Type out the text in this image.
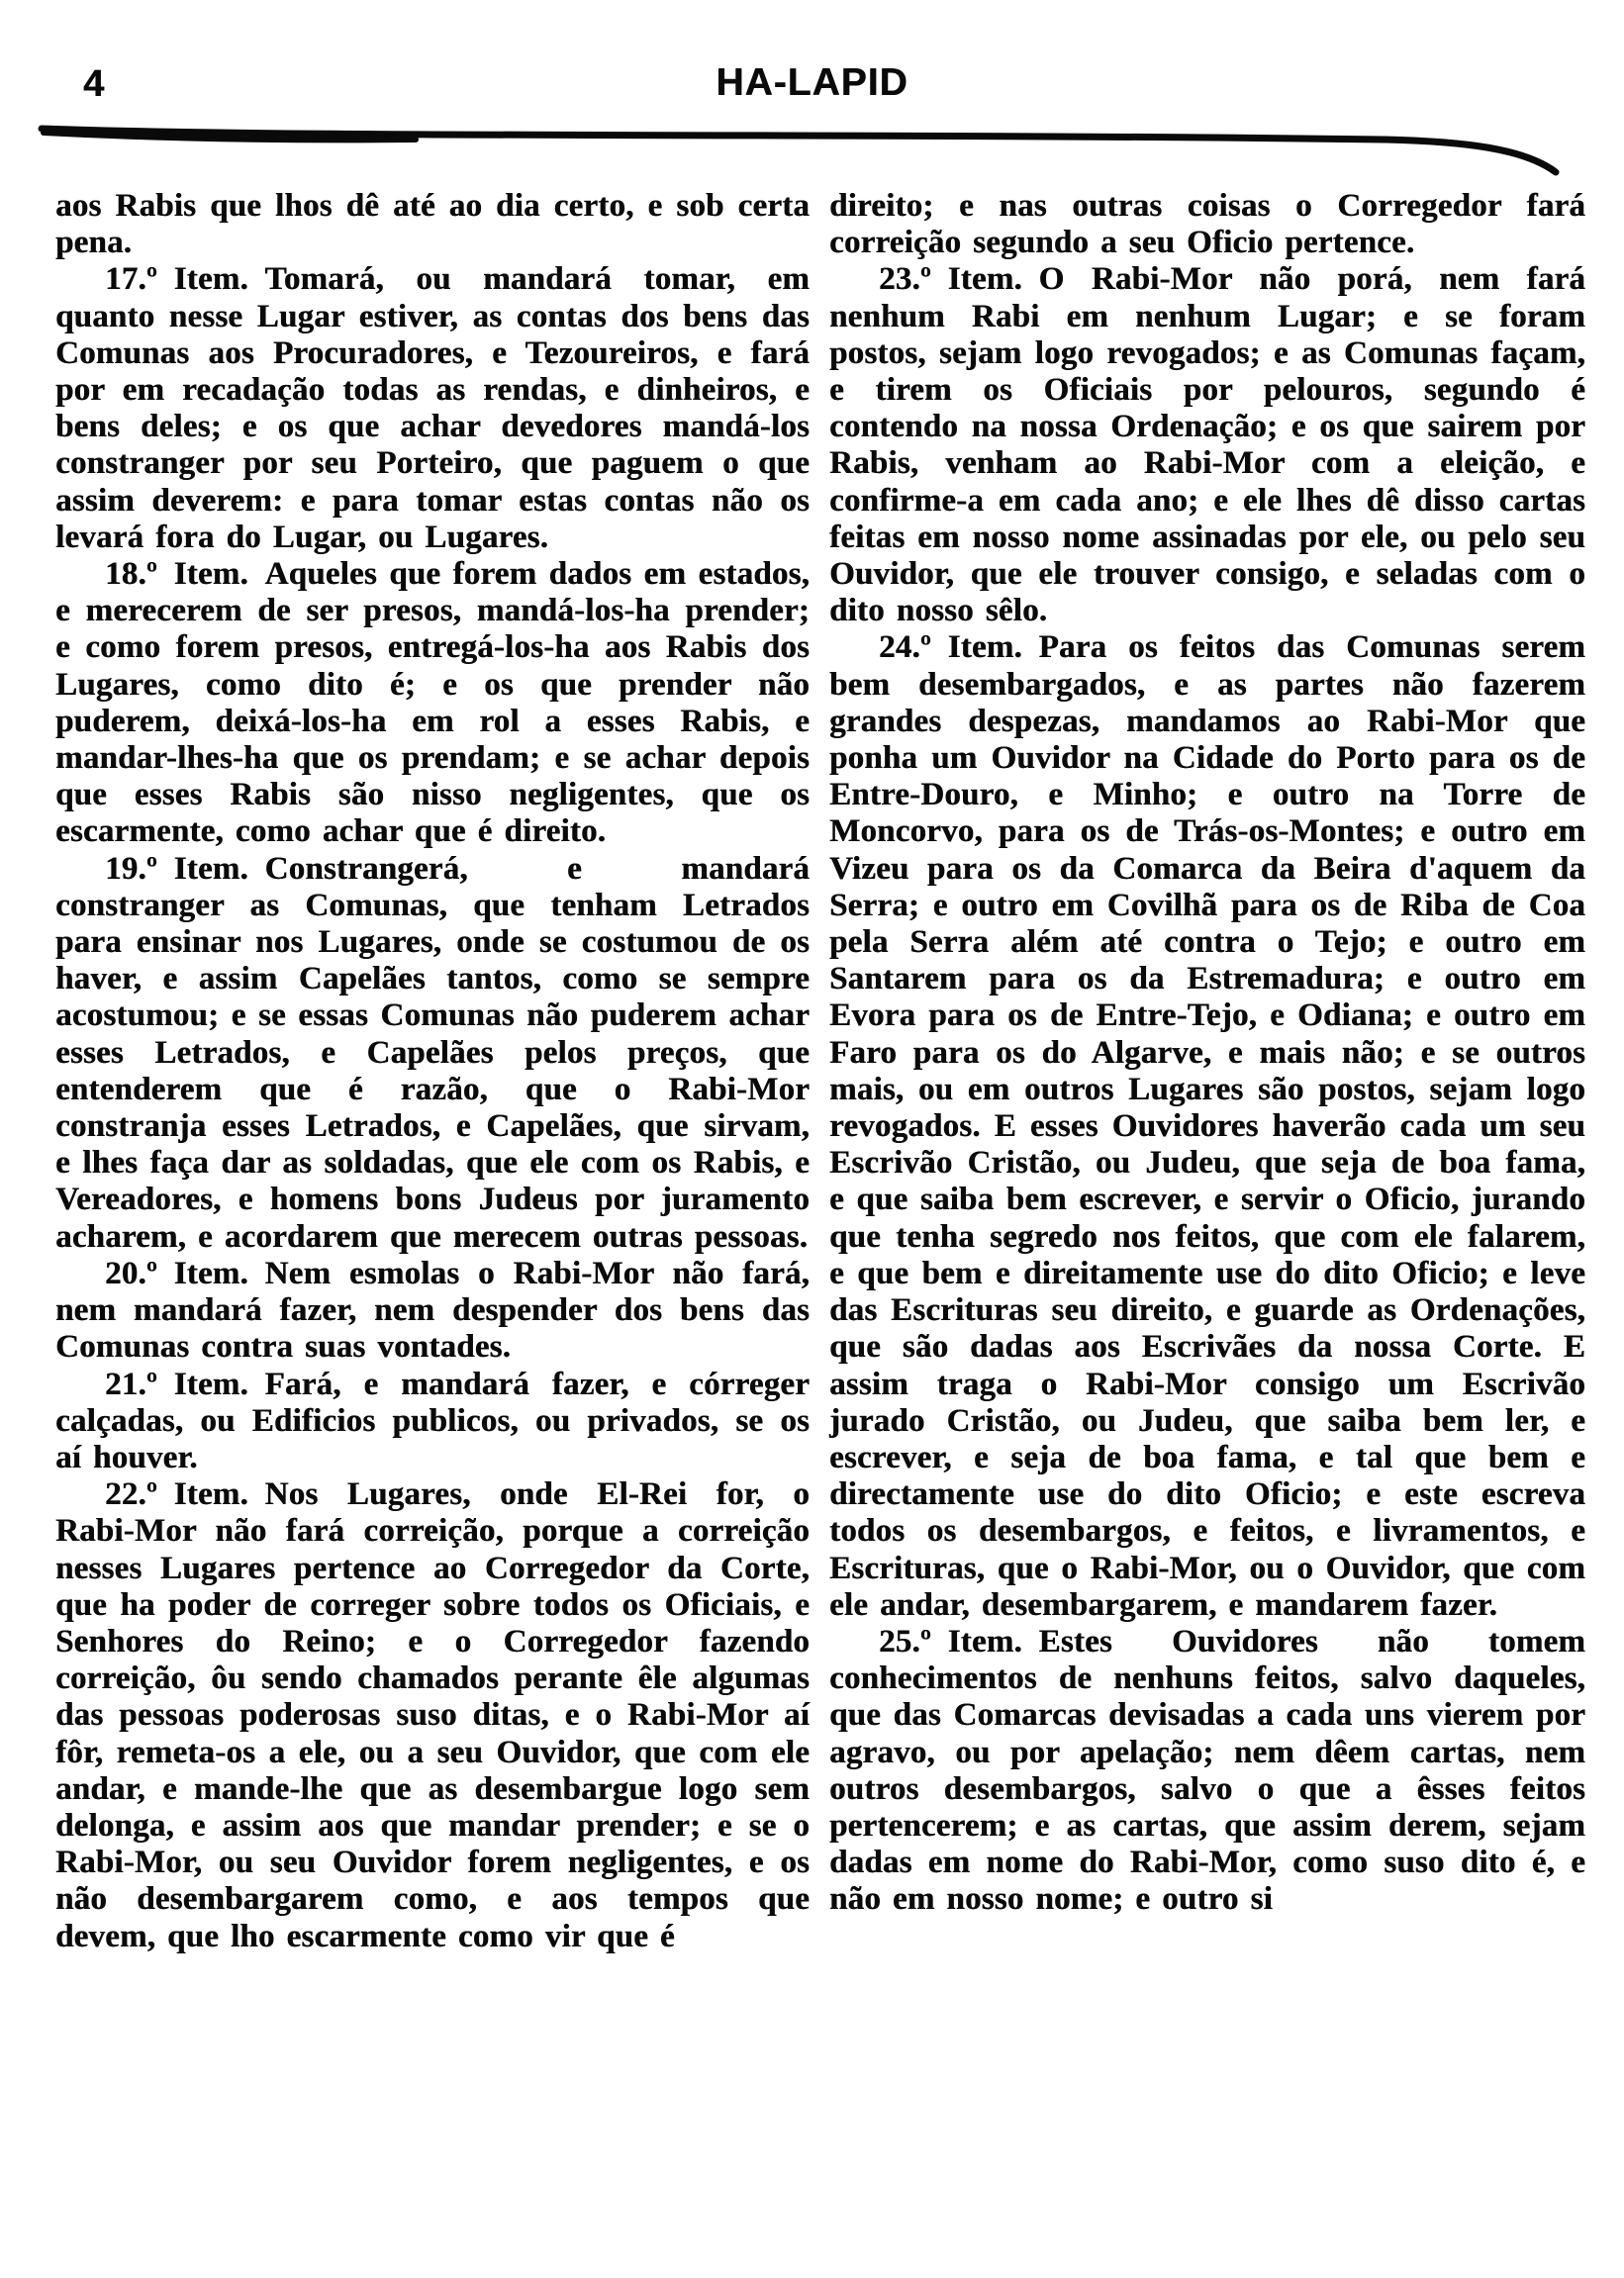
4	HA-LAPID

aos Rabis que lhos dê até ao dia certo, e sob certa pena.

17.º Item. Tomará, ou mandará tomar, em quanto nesse Lugar estiver, as contas dos bens das Comunas aos Procuradores, e Tezoureiros, e fará por em recadação todas as rendas, e dinheiros, e bens deles; e os que achar devedores mandá-los constranger por seu Porteiro, que paguem o que assim deverem: e para tomar estas contas não os levará fora do Lugar, ou Lugares.

18.º Item. Aqueles que forem dados em estados, e merecerem de ser presos, mandá-los-ha prender; e como forem presos, entregá-los-ha aos Rabis dos Lugares, como dito é; e os que prender não puderem, deixá-los-ha em rol a esses Rabis, e mandar-lhes-ha que os prendam; e se achar depois que esses Rabis são nisso negligentes, que os escarmente, como achar que é direito.

19.º Item. Constrangerá, e mandará constranger as Comunas, que tenham Letrados para ensinar nos Lugares, onde se costumou de os haver, e assim Capelães tantos, como se sempre acostumou; e se essas Comunas não puderem achar esses Letrados, e Capelães pelos preços, que entenderem que é razão, que o Rabi-Mor constranja esses Letrados, e Capelães, que sirvam, e lhes faça dar as soldadas, que ele com os Rabis, e Vereadores, e homens bons Judeus por juramento acharem, e acordarem que merecem outras pessoas.

20.º Item. Nem esmolas o Rabi-Mor não fará, nem mandará fazer, nem despender dos bens das Comunas contra suas vontades.

21.º Item. Fará, e mandará fazer, e córreger calçadas, ou Edificios publicos, ou privados, se os aí houver.

22.º Item. Nos Lugares, onde El-Rei for, o Rabi-Mor não fará correição, porque a correição nesses Lugares pertence ao Corregedor da Corte, que ha poder de correger sobre todos os Oficiais, e Senhores do Reino; e o Corregedor fazendo correição, ôu sendo chamados perante êle algumas das pessoas poderosas suso ditas, e o Rabi-Mor aí fôr, remeta-os a ele, ou a seu Ouvidor, que com ele andar, e mande-lhe que as desembargue logo sem delonga, e assim aos que mandar prender; e se o Rabi-Mor, ou seu Ouvidor forem negligentes, e os não desembargarem como, e aos tempos que devem, que lho escarmente como vir que é

direito; e nas outras coisas o Corregedor fará correição segundo a seu Oficio pertence.

23.º Item. O Rabi-Mor não porá, nem fará nenhum Rabi em nenhum Lugar; e se foram postos, sejam logo revogados; e as Comunas façam, e tirem os Oficiais por pelouros, segundo é contendo na nossa Ordenação; e os que sairem por Rabis, venham ao Rabi-Mor com a eleição, e confirme-a em cada ano; e ele lhes dê disso cartas feitas em nosso nome assinadas por ele, ou pelo seu Ouvidor, que ele trouver consigo, e seladas com o dito nosso sêlo.

24.º Item. Para os feitos das Comunas serem bem desembargados, e as partes não fazerem grandes despezas, mandamos ao Rabi-Mor que ponha um Ouvidor na Cidade do Porto para os de Entre-Douro, e Minho; e outro na Torre de Moncorvo, para os de Trás-os-Montes; e outro em Vizeu para os da Comarca da Beira d'aquem da Serra; e outro em Covilhã para os de Riba de Coa pela Serra além até contra o Tejo; e outro em Santarem para os da Estremadura; e outro em Evora para os de Entre-Tejo, e Odiana; e outro em Faro para os do Algarve, e mais não; e se outros mais, ou em outros Lugares são postos, sejam logo revogados. E esses Ouvidores haverão cada um seu Escrivão Cristão, ou Judeu, que seja de boa fama, e que saiba bem escrever, e servir o Oficio, jurando que tenha segredo nos feitos, que com ele falarem, e que bem e direitamente use do dito Oficio; e leve das Escrituras seu direito, e guarde as Ordenações, que são dadas aos Escrivães da nossa Corte. E assim traga o Rabi-Mor consigo um Escrivão jurado Cristão, ou Judeu, que saiba bem ler, e escrever, e seja de boa fama, e tal que bem e directamente use do dito Oficio; e este escreva todos os desembargos, e feitos, e livramentos, e Escrituras, que o Rabi-Mor, ou o Ouvidor, que com ele andar, desembargarem, e mandarem fazer.

25.º Item. Estes Ouvidores não tomem conhecimentos de nenhuns feitos, salvo daqueles, que das Comarcas devisadas a cada uns vierem por agravo, ou por apelação; nem dêem cartas, nem outros desembargos, salvo o que a êsses feitos pertencerem; e as cartas, que assim derem, sejam dadas em nome do Rabi-Mor, como suso dito é, e não em nosso nome; e outro si
